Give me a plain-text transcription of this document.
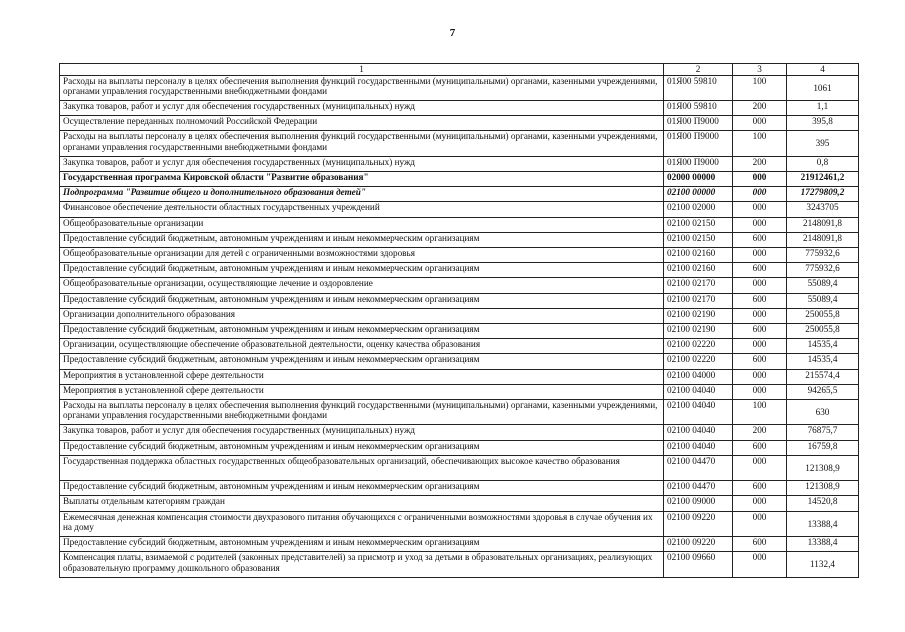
7
1	2	3	4
Расходы на выплаты персоналу в целях обеспечения выполнения функций государственными (муниципальными) органами, казенными учреждениями, органами управления государственными внебюджетными фондами	01Я00 59810	100	1061
Закупка товаров, работ и услуг для обеспечения государственных (муниципальных) нужд	01Я00 59810	200	1,1
Осуществление переданных полномочий Российской Федерации	01Я00 П9000	000	395,8
Расходы на выплаты персоналу в целях обеспечения выполнения функций государственными (муниципальными) органами, казенными учреждениями, органами управления государственными внебюджетными фондами	01Я00 П9000	100	395
Закупка товаров, работ и услуг для обеспечения государственных (муниципальных) нужд	01Я00 П9000	200	0,8
Государственная программа Кировской области "Развитие образования"	02000 00000	000	21912461,2
Подпрограмма "Развитие общего и дополнительного образования детей"	02100 00000	000	17279809,2
Финансовое обеспечение деятельности областных государственных учреждений	02100 02000	000	3243705
Общеобразовательные организации	02100 02150	000	2148091,8
Предоставление субсидий бюджетным, автономным учреждениям и иным некоммерческим организациям	02100 02150	600	2148091,8
Общеобразовательные организации для детей с ограниченными возможностями здоровья	02100 02160	000	775932,6
Предоставление субсидий бюджетным, автономным учреждениям и иным некоммерческим организациям	02100 02160	600	775932,6
Общеобразовательные организации, осуществляющие лечение и оздоровление	02100 02170	000	55089,4
Предоставление субсидий бюджетным, автономным учреждениям и иным некоммерческим организациям	02100 02170	600	55089,4
Организации дополнительного образования	02100 02190	000	250055,8
Предоставление субсидий бюджетным, автономным учреждениям и иным некоммерческим организациям	02100 02190	600	250055,8
Организации, осуществляющие обеспечение образовательной деятельности, оценку качества образования	02100 02220	000	14535,4
Предоставление субсидий бюджетным, автономным учреждениям и иным некоммерческим организациям	02100 02220	600	14535,4
Мероприятия в установленной сфере деятельности	02100 04000	000	215574,4
Мероприятия в установленной сфере деятельности	02100 04040	000	94265,5
Расходы на выплаты персоналу в целях обеспечения выполнения функций государственными (муниципальными) органами, казенными учреждениями, органами управления государственными внебюджетными фондами	02100 04040	100	630
Закупка товаров, работ и услуг для обеспечения государственных (муниципальных) нужд	02100 04040	200	76875,7
Предоставление субсидий бюджетным, автономным учреждениям и иным некоммерческим организациям	02100 04040	600	16759,8
Государственная поддержка областных государственных общеобразовательных организаций, обеспечивающих высокое качество образования	02100 04470	000	121308,9
Предоставление субсидий бюджетным, автономным учреждениям и иным некоммерческим организациям	02100 04470	600	121308,9
Выплаты отдельным категориям граждан	02100 09000	000	14520,8
Ежемесячная денежная компенсация стоимости двухразового питания обучающихся с ограниченными возможностями здоровья в случае обучения их на дому	02100 09220	000	13388,4
Предоставление субсидий бюджетным, автономным учреждениям и иным некоммерческим организациям	02100 09220	600	13388,4
Компенсация платы, взимаемой с родителей (законных представителей) за присмотр и уход за детьми в образовательных организациях, реализующих образовательную программу дошкольного образования	02100 09660	000	1132,4
